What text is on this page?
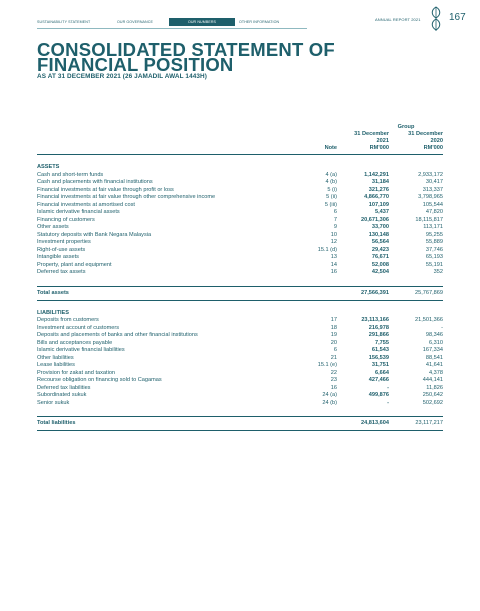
SUSTAINABILITY STATEMENT	OUR GOVERNANCE	OUR NUMBERS	OTHER INFORMATION	ANNUAL REPORT 2021	167
CONSOLIDATED STATEMENT OF
FINANCIAL POSITION
AS AT 31 DECEMBER 2021 (26 JAMADIL AWAL 1443H)
		Group	
		31 December	31 December
		2021	2020
	Note	RM'000	RM'000

ASSETS			
Cash and short-term funds	4 (a)	1,142,291	2,933,172
Cash and placements with financial institutions	4 (b)	31,184	30,417
Financial investments at fair value through profit or loss	5 (i)	321,276	313,337
Financial investments at fair value through other comprehensive income	5 (ii)	4,866,770	3,798,965
Financial investments at amortised cost	5 (iii)	107,109	105,544
Islamic derivative financial assets	6	5,437	47,820
Financing of customers	7	20,671,306	18,115,817
Other assets	9	33,700	113,171
Statutory deposits with Bank Negara Malaysia	10	130,148	95,255
Investment properties	12	56,564	55,889
Right-of-use assets	15.1 (d)	29,423	37,746
Intangible assets	13	76,671	65,193
Property, plant and equipment	14	52,008	55,191
Deferred tax assets	16	42,504	352

Total assets		27,566,391	25,767,869

LIABILITIES			
Deposits from customers	17	23,113,166	21,501,366
Investment account of customers	18	216,978	-
Deposits and placements of banks and other financial institutions	19	291,866	98,346
Bills and acceptances payable	20	7,755	6,310
Islamic derivative financial liabilities	6	61,543	167,334
Other liabilities	21	156,539	88,541
Lease liabilities	15.1 (e)	31,751	41,641
Provision for zakat and taxation	22	6,664	4,378
Recourse obligation on financing sold to Cagamas	23	427,466	444,141
Deferred tax liabilities	16	-	11,826
Subordinated sukuk	24 (a)	499,876	250,642
Senior sukuk	24 (b)	-	502,692

Total liabilities		24,813,604	23,117,217
